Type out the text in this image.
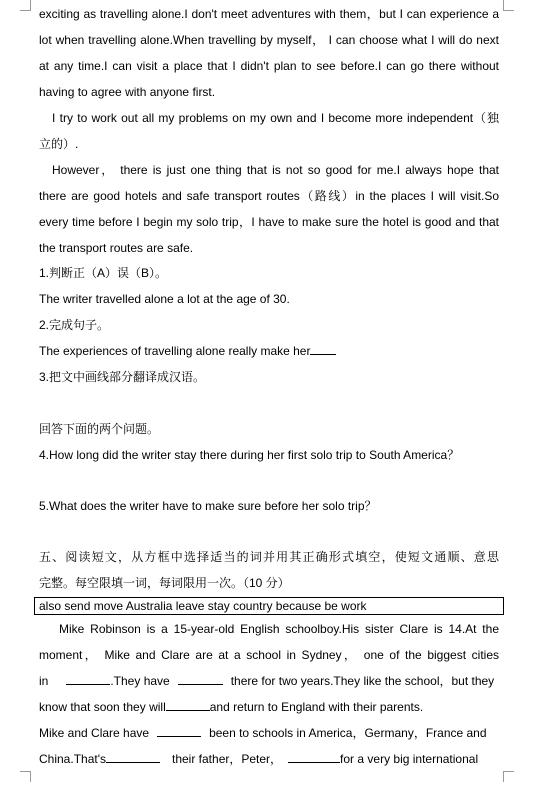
exciting as travelling alone.I don't meet adventures with them，but I can experience a
lot when travelling alone.When travelling by myself， I can choose what I will do next
at any time.I can visit a place that I didn't plan to see before.I can go there without
having to agree with anyone first.
I try to work out all my problems on my own and I become more independent（独
立的）.
However， there is just one thing that is not so good for me.I always hope that
there are good hotels and safe transport routes（路线）in the places I will visit.So
every time before I begin my solo trip，I have to make sure the hotel is good and that
the transport routes are safe.
1.判断正（A）误（B）。
The writer travelled alone a lot at the age of 30.
2.完成句子。
The experiences of travelling alone really make her
3.把文中画线部分翻译成汉语。
回答下面的两个问题。
4.How long did the writer stay there during her first solo trip to South America？
5.What does the writer have to make sure before her solo trip？
五、阅读短文，从方框中选择适当的词并用其正确形式填空，使短文通顺、意思
完整。每空限填一词，每词限用一次。（10 分）
Mike Robinson is a 15-year-old English schoolboy.His sister Clare is 14.At the
moment， Mike and Clare are at a school in Sydney， one of the biggest cities
in	.They have	there for two years.They like the school，but they
know that soon they will	and return to England with their parents.
Mike and Clare have	been to schools in America，Germany，France and
China.That's	their father，Peter，	for a very big international
also send move Australia leave stay country because be work
